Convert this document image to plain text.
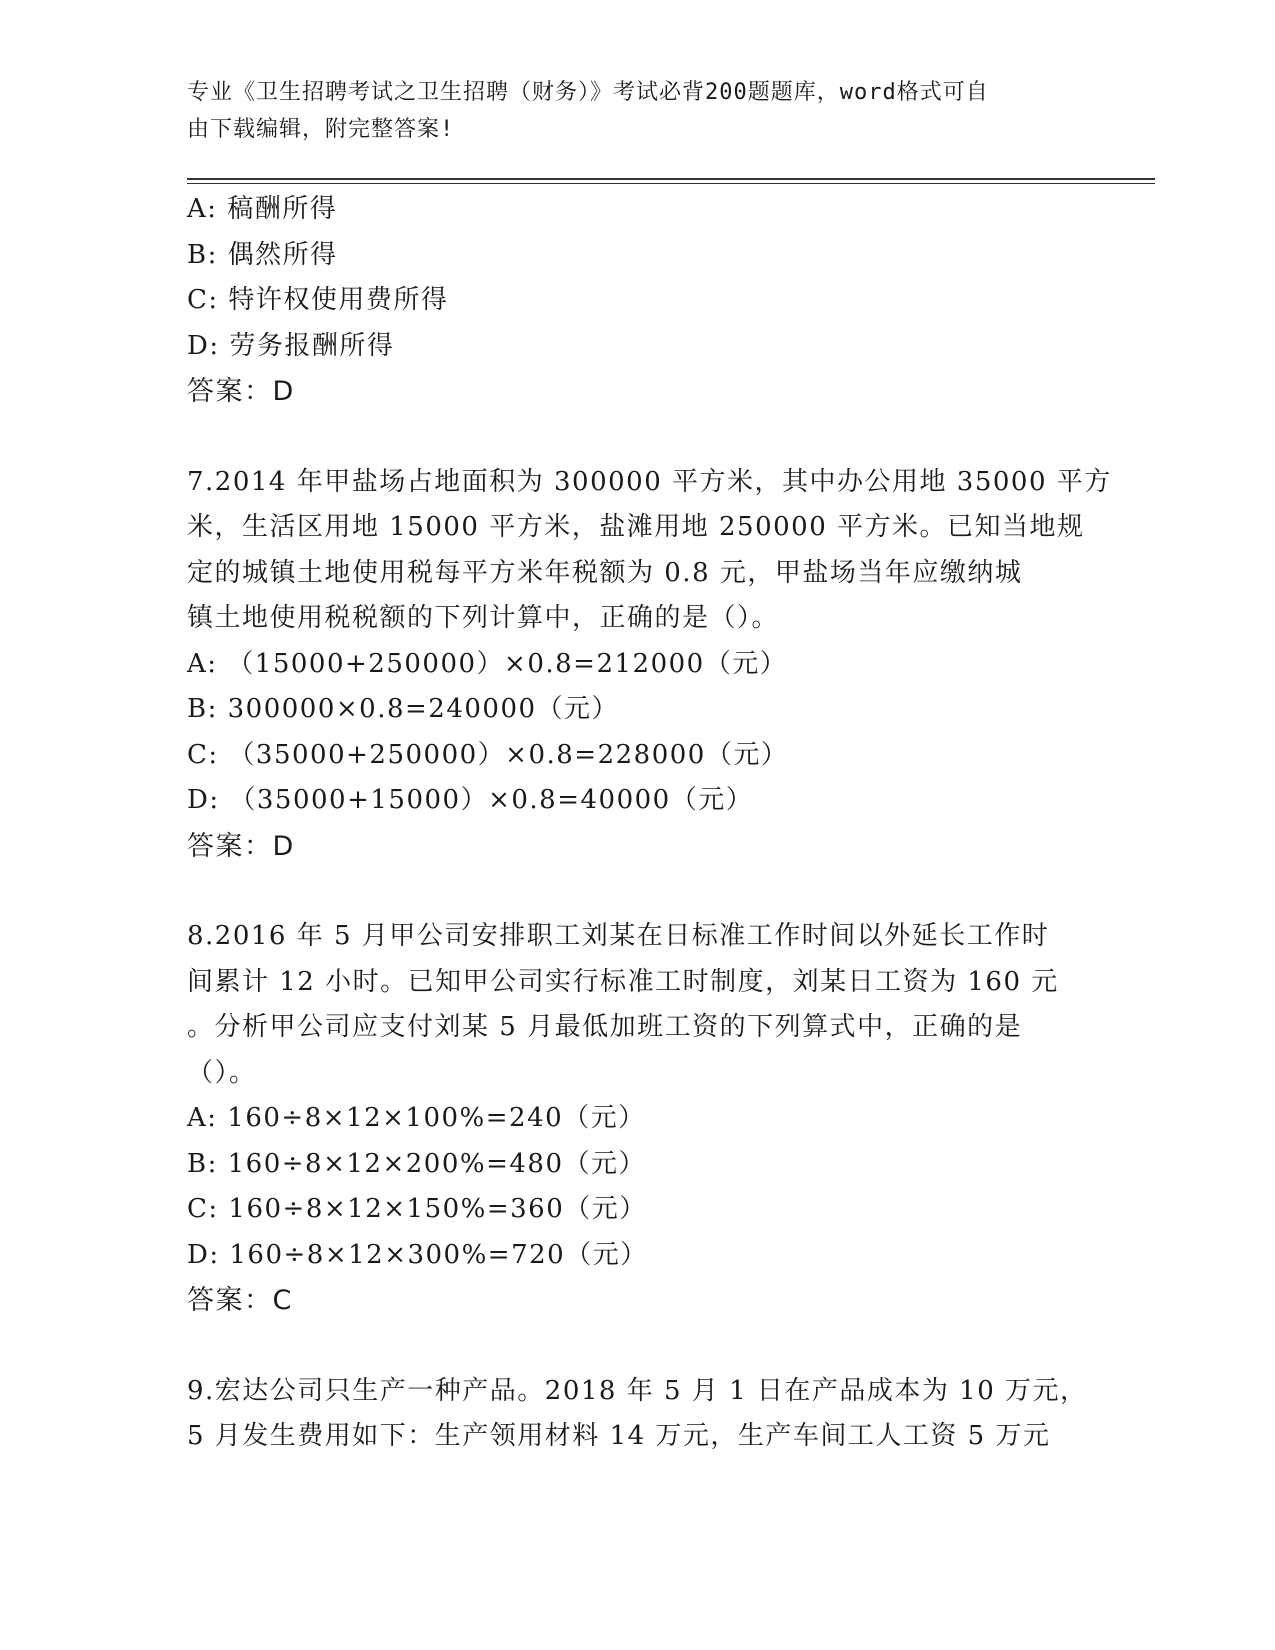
专业《卫生招聘考试之卫生招聘（财务）》考试必背200题题库，word格式可自
由下载编辑，附完整答案!
A: 稿酬所得
B: 偶然所得
C: 特许权使用费所得
D: 劳务报酬所得
答案：D
7.2014 年甲盐场占地面积为 300000 平方米，其中办公用地 35000 平方
米，生活区用地 15000 平方米，盐滩用地 250000 平方米。已知当地规
定的城镇土地使用税每平方米年税额为 0.8 元，甲盐场当年应缴纳城
镇土地使用税税额的下列计算中，正确的是（）。
A: （15000+250000）×0.8=212000（元）
B: 300000×0.8=240000（元）
C: （35000+250000）×0.8=228000（元）
D: （35000+15000）×0.8=40000（元）
答案：D
8.2016 年 5 月甲公司安排职工刘某在日标准工作时间以外延长工作时
间累计 12 小时。已知甲公司实行标准工时制度，刘某日工资为 160 元
。分析甲公司应支付刘某 5 月最低加班工资的下列算式中，正确的是
（）。
A: 160÷8×12×100%=240（元）
B: 160÷8×12×200%=480（元）
C: 160÷8×12×150%=360（元）
D: 160÷8×12×300%=720（元）
答案：C
9.宏达公司只生产一种产品。2018 年 5 月 1 日在产品成本为 10 万元，
5 月发生费用如下：生产领用材料 14 万元，生产车间工人工资 5 万元
